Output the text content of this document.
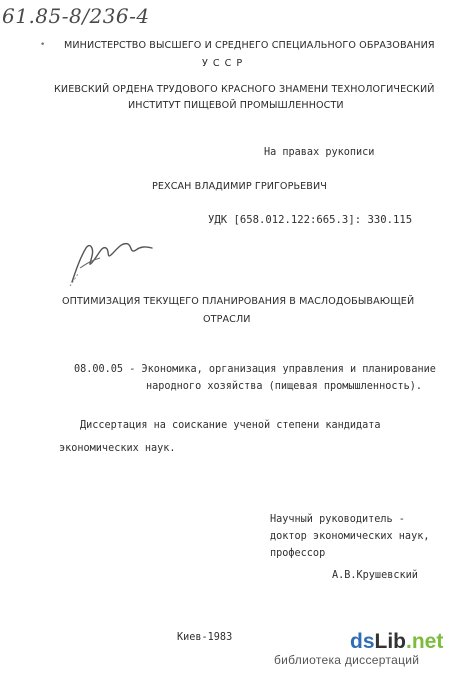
61.85-8/236-4
• МИНИСТЕРСТВО ВЫСШЕГО И СРЕДНЕГО СПЕЦИАЛЬНОГО ОБРАЗОВАНИЯ
У С С Р
КИЕВСКИЙ ОРДЕНА ТРУДОВОГО КРАСНОГО ЗНАМЕНИ ТЕХНОЛОГИЧЕСКИЙ
ИНСТИТУТ ПИЩЕВОЙ ПРОМЫШЛЕННОСТИ
На правах рукописи
РЕХСАН ВЛАДИМИР ГРИГОРЬЕВИЧ
УДК [658.012.122:665.3]: 330.115
ОПТИМИЗАЦИЯ ТЕКУЩЕГО ПЛАНИРОВАНИЯ В МАСЛОДОБЫВАЮЩЕЙ
ОТРАСЛИ
08.00.05 - Экономика, организация управления и планирование
народного хозяйства (пищевая промышленность).
Диссертация на соискание ученой степени кандидата
экономических наук.
Научный руководитель -
доктор экономических наук,
профессор
А.В.Крушевский
Киев-1983	dsLib.net
библиотека диссертаций
